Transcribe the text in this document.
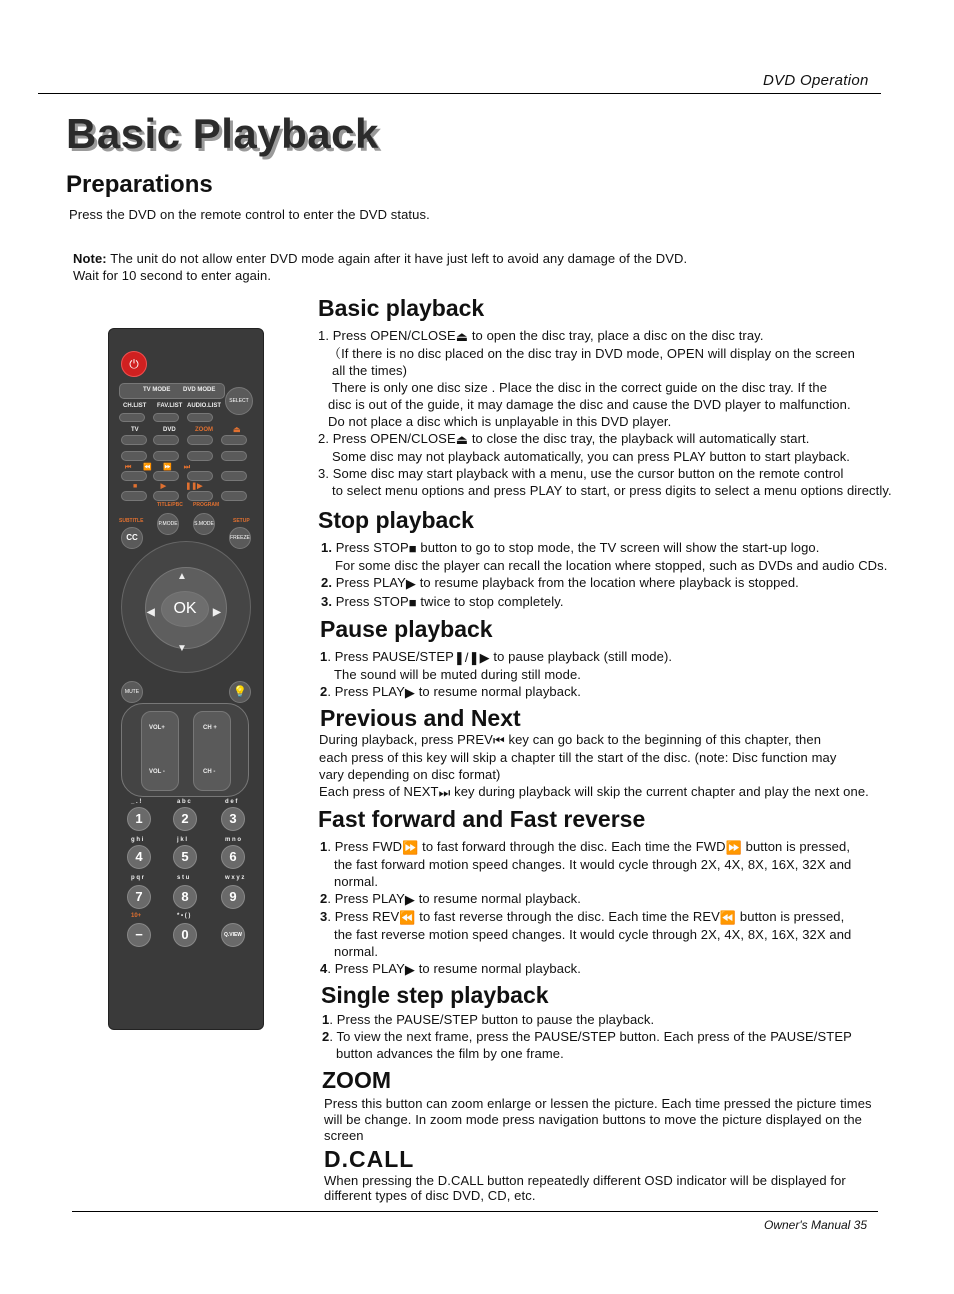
DVD Operation
Basic Playback
Preparations
Press the DVD on the remote control to enter the DVD status.
Note: The unit do not allow enter DVD mode again after it have just left to avoid any damage of the DVD.
Wait for 10 second to enter again.
⏻
TV MODE DVD MODE
SELECT
CH.LIST FAV.LIST AUDIO.LIST
TV	DVD	ZOOM	⏏
⏮      ⏪      ⏩      ⏭
■            ▶          ❚❚▶
TITLE/PBC PROGRAM
SUBTITLE	SETUP
P.MODE	S.MODE
CC	FREEZE
OK
▲
▼
◀	▶
MUTE	💡
VOL+
VOL -
CH +
CH -
_ . !	a b c	d e f
1	2	3
g h i	j k l	m n o
4	5	6
p q r	s t u	w x y z
7	8	9
10+	* • ( )
−	0	Q.VIEW
Basic playback
1. Press OPEN/CLOSE⏏ to open the disc tray, place a disc on the disc tray.
（If there is no disc placed on the disc tray in DVD mode, OPEN will display on the screen
all the times)
There is only one disc size . Place the disc in the correct guide on the disc tray. If the
disc is out of the guide, it may damage the disc and cause the DVD player to malfunction.
Do not place a disc which is unplayable in this DVD player.
2. Press OPEN/CLOSE⏏ to close the disc tray, the playback will automatically start.
Some disc may not playback automatically, you can press PLAY button to start playback.
3. Some disc may start playback with a menu, use the cursor button on the remote control
to select menu options and press PLAY to start, or press digits to select a menu options directly.
Stop playback
1. Press STOP■ button to go to stop mode, the TV screen will show the start-up logo.
For some disc the player can recall the location where stopped, such as DVDs and audio CDs.
2. Press PLAY▶ to resume playback from the location where playback is stopped.
3. Press STOP■ twice to stop completely.
Pause playback
1. Press PAUSE/STEP❚/❚▶ to pause playback (still mode).
The sound will be muted during still mode.
2. Press PLAY▶ to resume normal playback.
Previous and Next
During playback, press PREV⏮ key can go back to the beginning of this chapter, then
each press of this key will skip a chapter till the start of the disc. (note: Disc function may
vary depending on disc format)
Each press of NEXT⏭ key during playback will skip the current chapter and play the next one.
Fast forward and Fast reverse
1. Press FWD⏩ to fast forward through the disc. Each time the FWD⏩ button is pressed,
the fast forward motion speed changes. It would cycle through 2X, 4X, 8X, 16X, 32X and
normal.
2. Press PLAY▶ to resume normal playback.
3. Press REV⏪ to fast reverse through the disc. Each time the REV⏪ button is pressed,
the fast reverse motion speed changes. It would cycle through 2X, 4X, 8X, 16X, 32X and
normal.
4. Press PLAY▶ to resume normal playback.
Single step playback
1. Press the PAUSE/STEP button to pause the playback.
2. To view the next frame, press the PAUSE/STEP button. Each press of the PAUSE/STEP
button advances the film by one frame.
ZOOM
Press this button can zoom enlarge or lessen the picture. Each time pressed the picture times
will be change. In zoom mode press navigation buttons to move the picture displayed on the
screen
D.CALL
When pressing the D.CALL button repeatedly different OSD indicator will be displayed for
different types of disc DVD, CD, etc.
Owner's Manual 35
